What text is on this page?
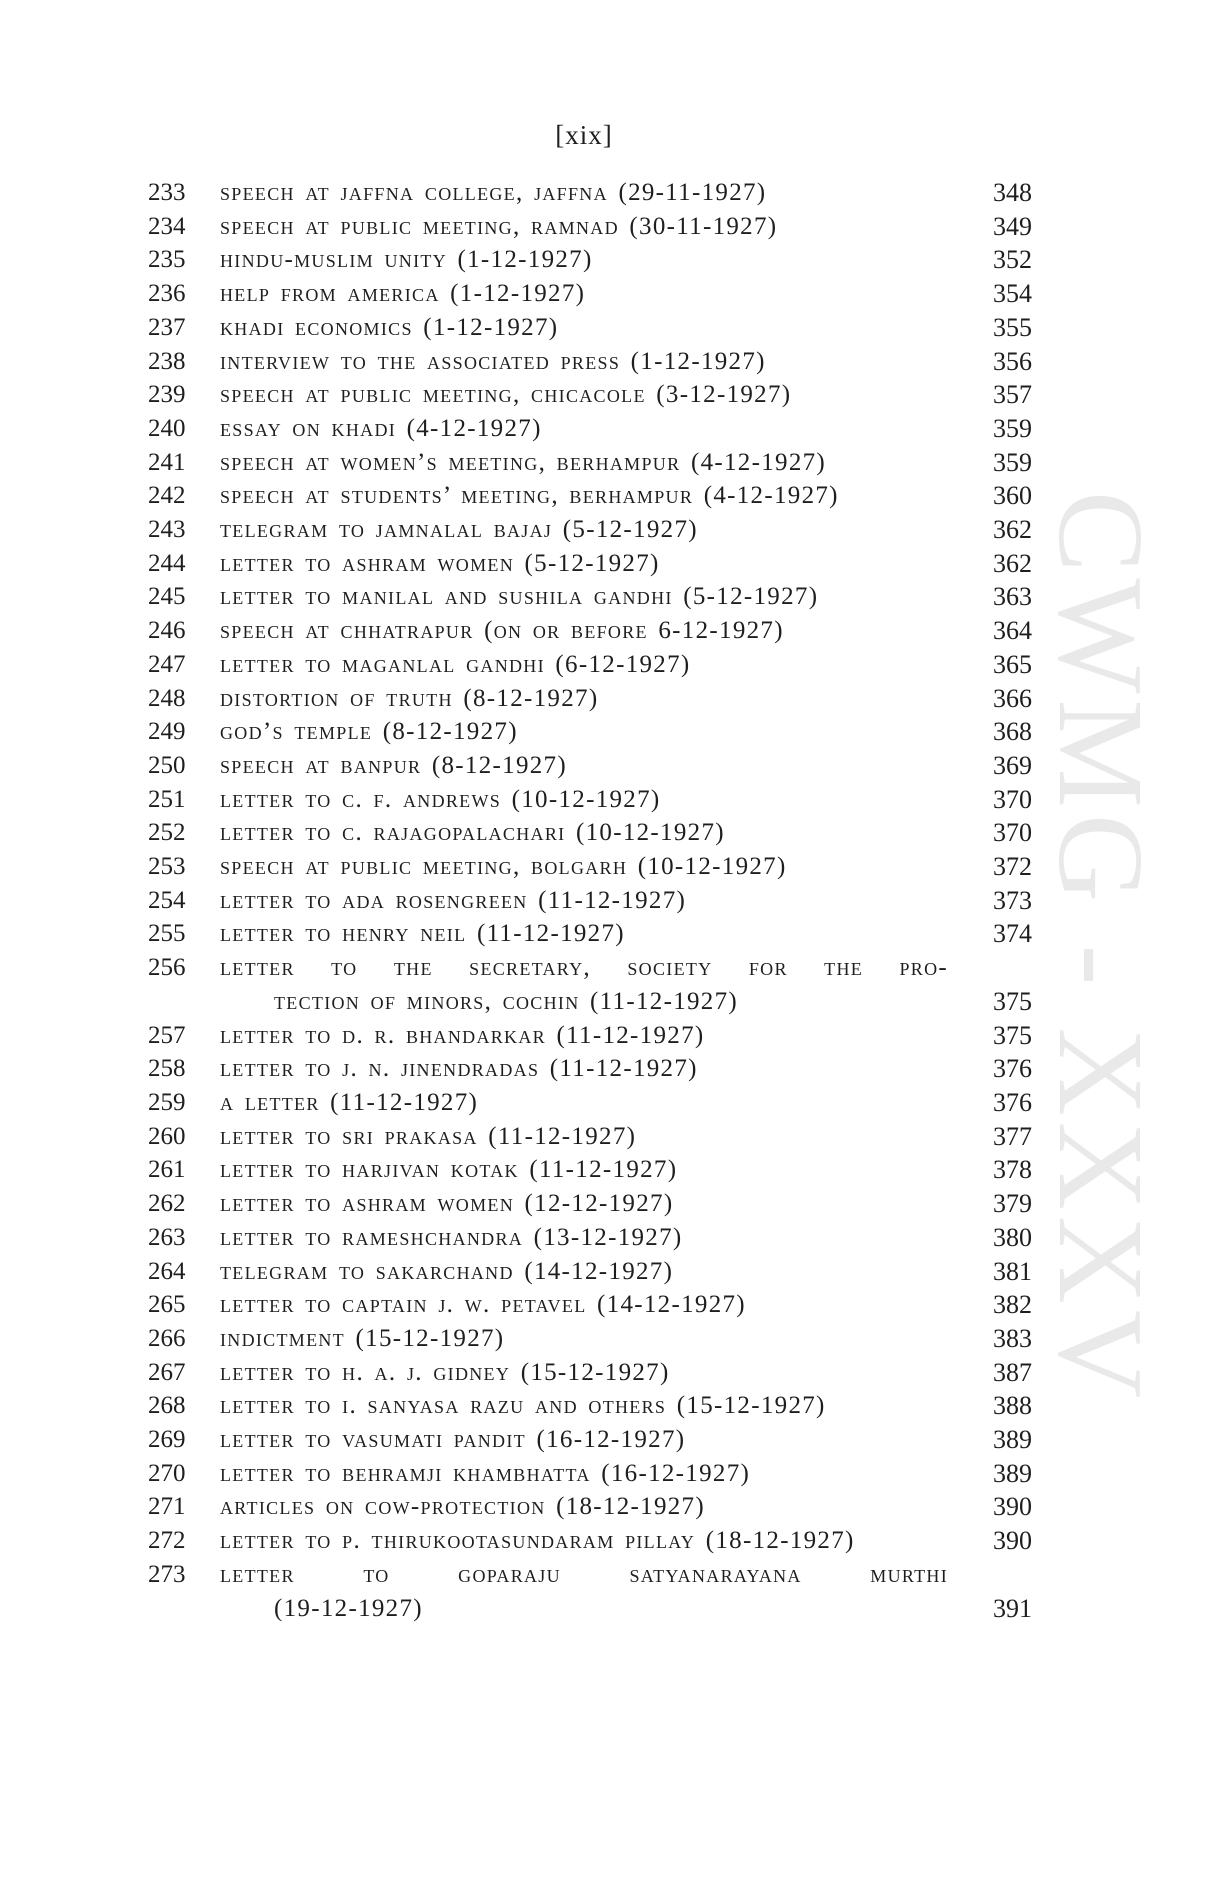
[xix]
CWMG - XXXV
233 speech at jaffna college, jaffna (29-11-1927)	348
234 speech at public meeting, ramnad (30-11-1927)	349
235 hindu-muslim unity (1-12-1927)	352
236 help from america (1-12-1927)	354
237 khadi economics (1-12-1927)	355
238 interview to the associated press (1-12-1927)	356
239 speech at public meeting, chicacole (3-12-1927)	357
240 essay on khadi (4-12-1927)	359
241 speech at women’s meeting, berhampur (4-12-1927)	359
242 speech at students’ meeting, berhampur (4-12-1927)	360
243 telegram to jamnalal bajaj (5-12-1927)	362
244 letter to ashram women (5-12-1927)	362
245 letter to manilal and sushila gandhi (5-12-1927)	363
246 speech at chhatrapur (on or before 6-12-1927)	364
247 letter to maganlal gandhi (6-12-1927)	365
248 distortion of truth (8-12-1927)	366
249 god’s temple (8-12-1927)	368
250 speech at banpur (8-12-1927)	369
251 letter to c. f. andrews (10-12-1927)	370
252 letter to c. rajagopalachari (10-12-1927)	370
253 speech at public meeting, bolgarh (10-12-1927)	372
254 letter to ada rosengreen (11-12-1927)	373
255 letter to henry neil (11-12-1927)	374
256 letter to the secretary, society for the pro-
tection of minors, cochin (11-12-1927)	375
257 letter to d. r. bhandarkar (11-12-1927)	375
258 letter to j. n. jinendradas (11-12-1927)	376
259 a letter (11-12-1927)	376
260 letter to sri prakasa (11-12-1927)	377
261 letter to harjivan kotak (11-12-1927)	378
262 letter to ashram women (12-12-1927)	379
263 letter to rameshchandra (13-12-1927)	380
264 telegram to sakarchand (14-12-1927)	381
265 letter to captain j. w. petavel (14-12-1927)	382
266 indictment (15-12-1927)	383
267 letter to h. a. j. gidney (15-12-1927)	387
268 letter to i. sanyasa razu and others (15-12-1927)	388
269 letter to vasumati pandit (16-12-1927)	389
270 letter to behramji khambhatta (16-12-1927)	389
271 articles on cow-protection (18-12-1927)	390
272 letter to p. thirukootasundaram pillay (18-12-1927)	390
273 letter to goparaju satyanarayana murthi
(19-12-1927)	391
